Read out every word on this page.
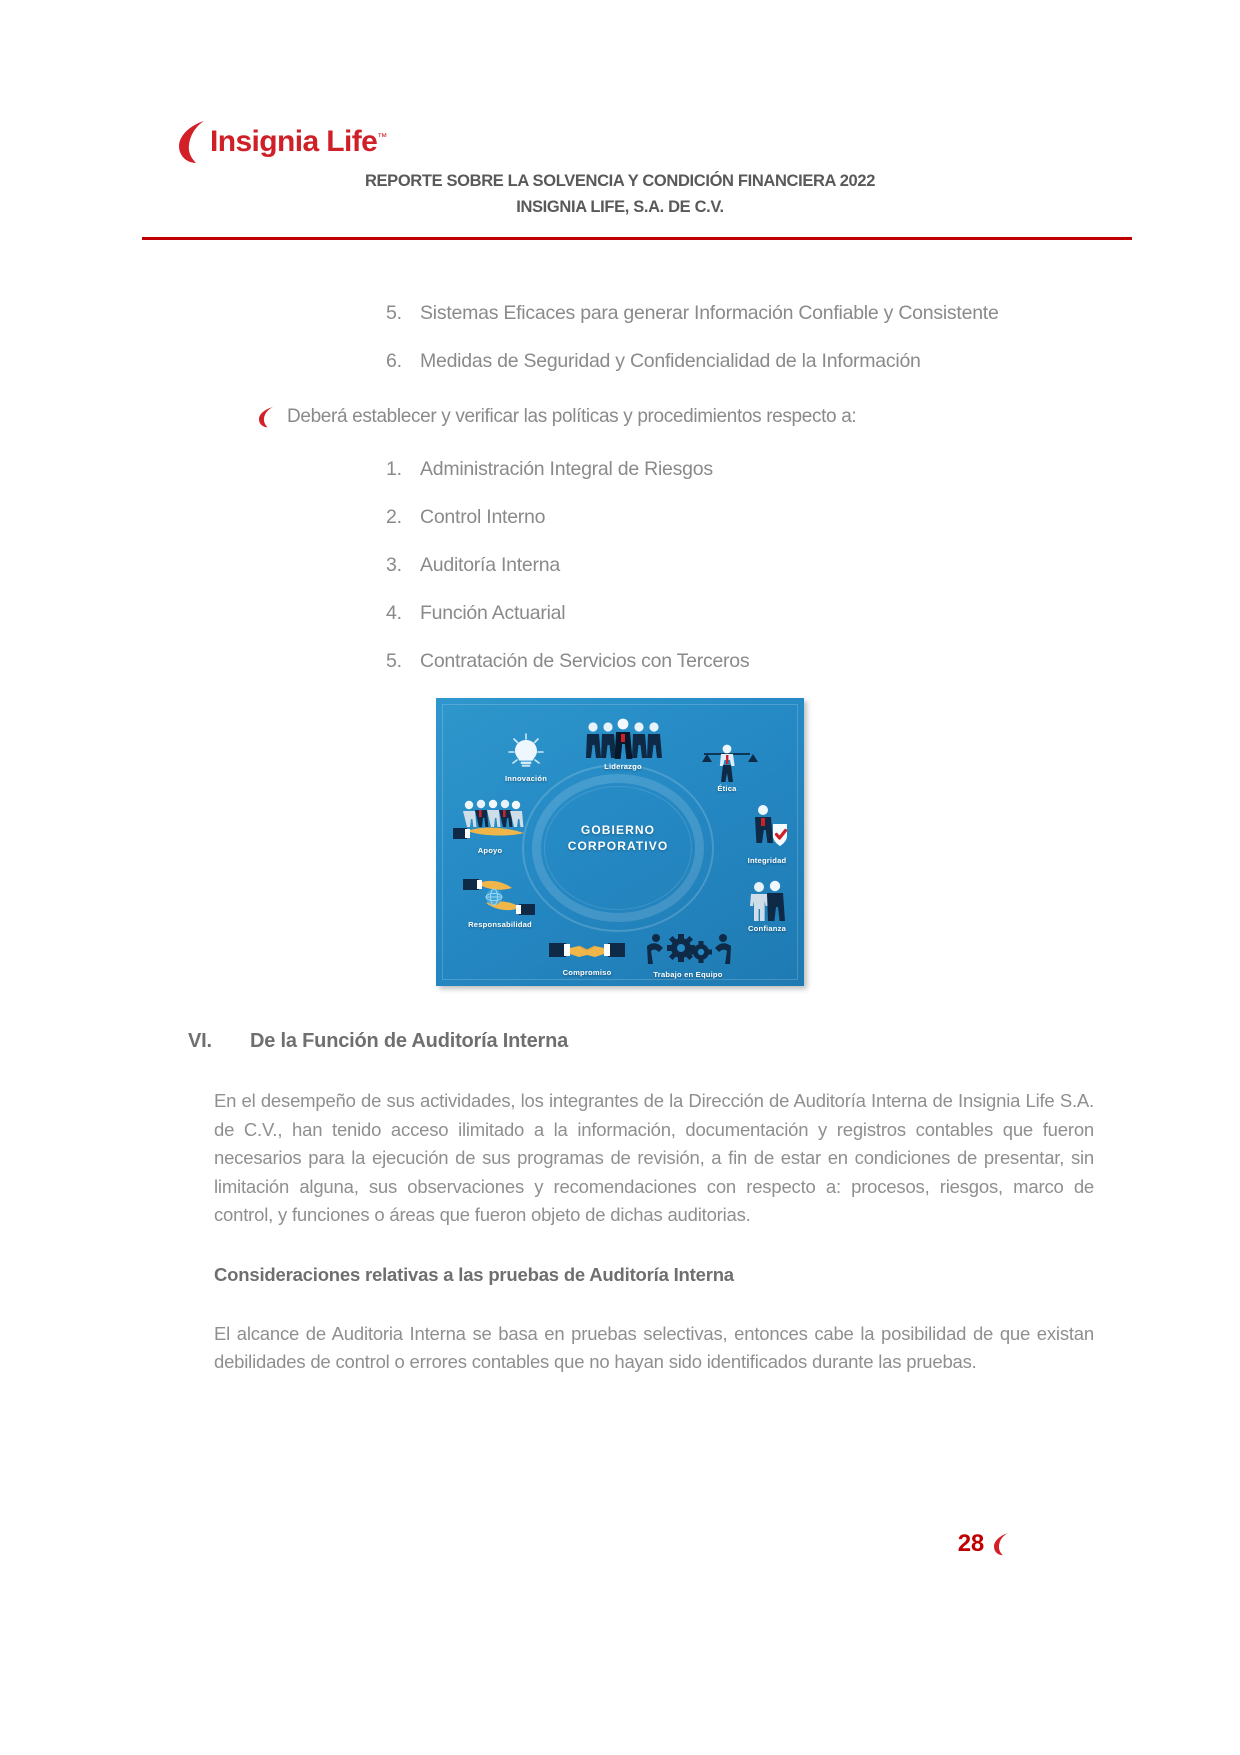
Insignia Life™
REPORTE SOBRE LA SOLVENCIA Y CONDICIÓN FINANCIERA 2022
INSIGNIA LIFE, S.A. DE C.V.
5. Sistemas Eficaces para generar Información Confiable y Consistente
6. Medidas de Seguridad y Confidencialidad de la Información
Deberá establecer y verificar las políticas y procedimientos respecto a:
1. Administración Integral de Riesgos
2. Control Interno
3. Auditoría Interna
4. Función Actuarial
5. Contratación de Servicios con Terceros
GOBIERNO
CORPORATIVO
Innovación
Liderazgo
Ética
Integridad
Confianza
Trabajo en Equipo
Compromiso
Responsabilidad
Apoyo
VI.	De la Función de Auditoría Interna
En el desempeño de sus actividades, los integrantes de la Dirección de Auditoría Interna de Insignia Life S.A. de C.V., han tenido acceso ilimitado a la información, documentación y registros contables que fueron necesarios para la ejecución de sus programas de revisión, a fin de estar en condiciones de presentar, sin limitación alguna, sus observaciones y recomendaciones con respecto a: procesos, riesgos, marco de control, y funciones o áreas que fueron objeto de dichas auditorias.
Consideraciones relativas a las pruebas de Auditoría Interna
El alcance de Auditoria Interna se basa en pruebas selectivas, entonces cabe la posibilidad de que existan debilidades de control o errores contables que no hayan sido identificados durante las pruebas.
28
